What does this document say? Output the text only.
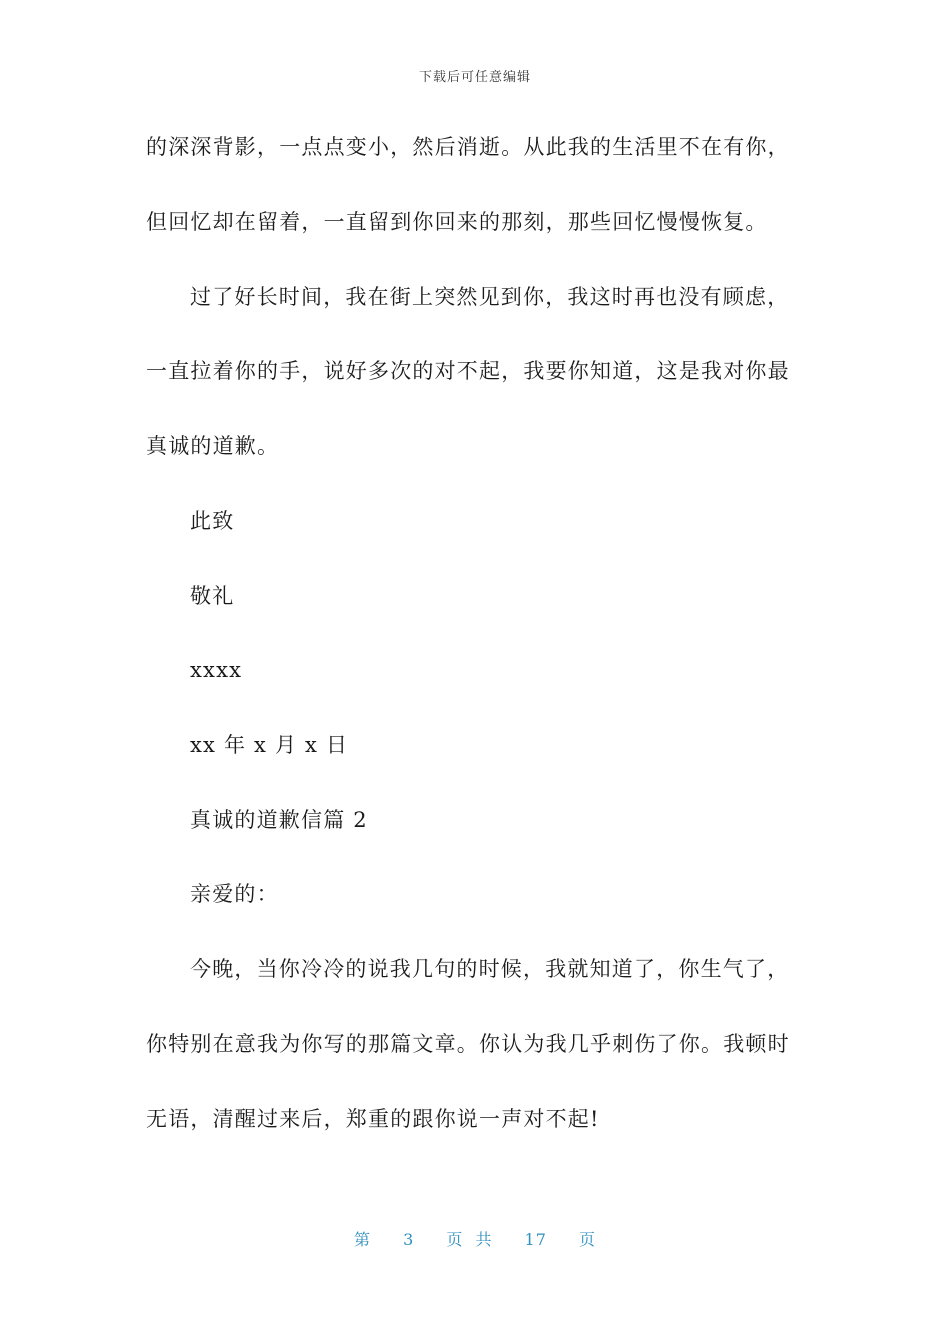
下载后可任意编辑
的深深背影，一点点变小，然后消逝。从此我的生活里不在有你，
但回忆却在留着，一直留到你回来的那刻，那些回忆慢慢恢复。
过了好长时间，我在街上突然见到你，我这时再也没有顾虑，
一直拉着你的手，说好多次的对不起，我要你知道，这是我对你最
真诚的道歉。
此致
敬礼
xxxx
xx 年 x 月 x 日
真诚的道歉信篇 2
亲爱的：
今晚，当你冷冷的说我几句的时候，我就知道了，你生气了，
你特别在意我为你写的那篇文章。你认为我几乎刺伤了你。我顿时
无语，清醒过来后，郑重的跟你说一声对不起!
第 3 页 共 17 页
